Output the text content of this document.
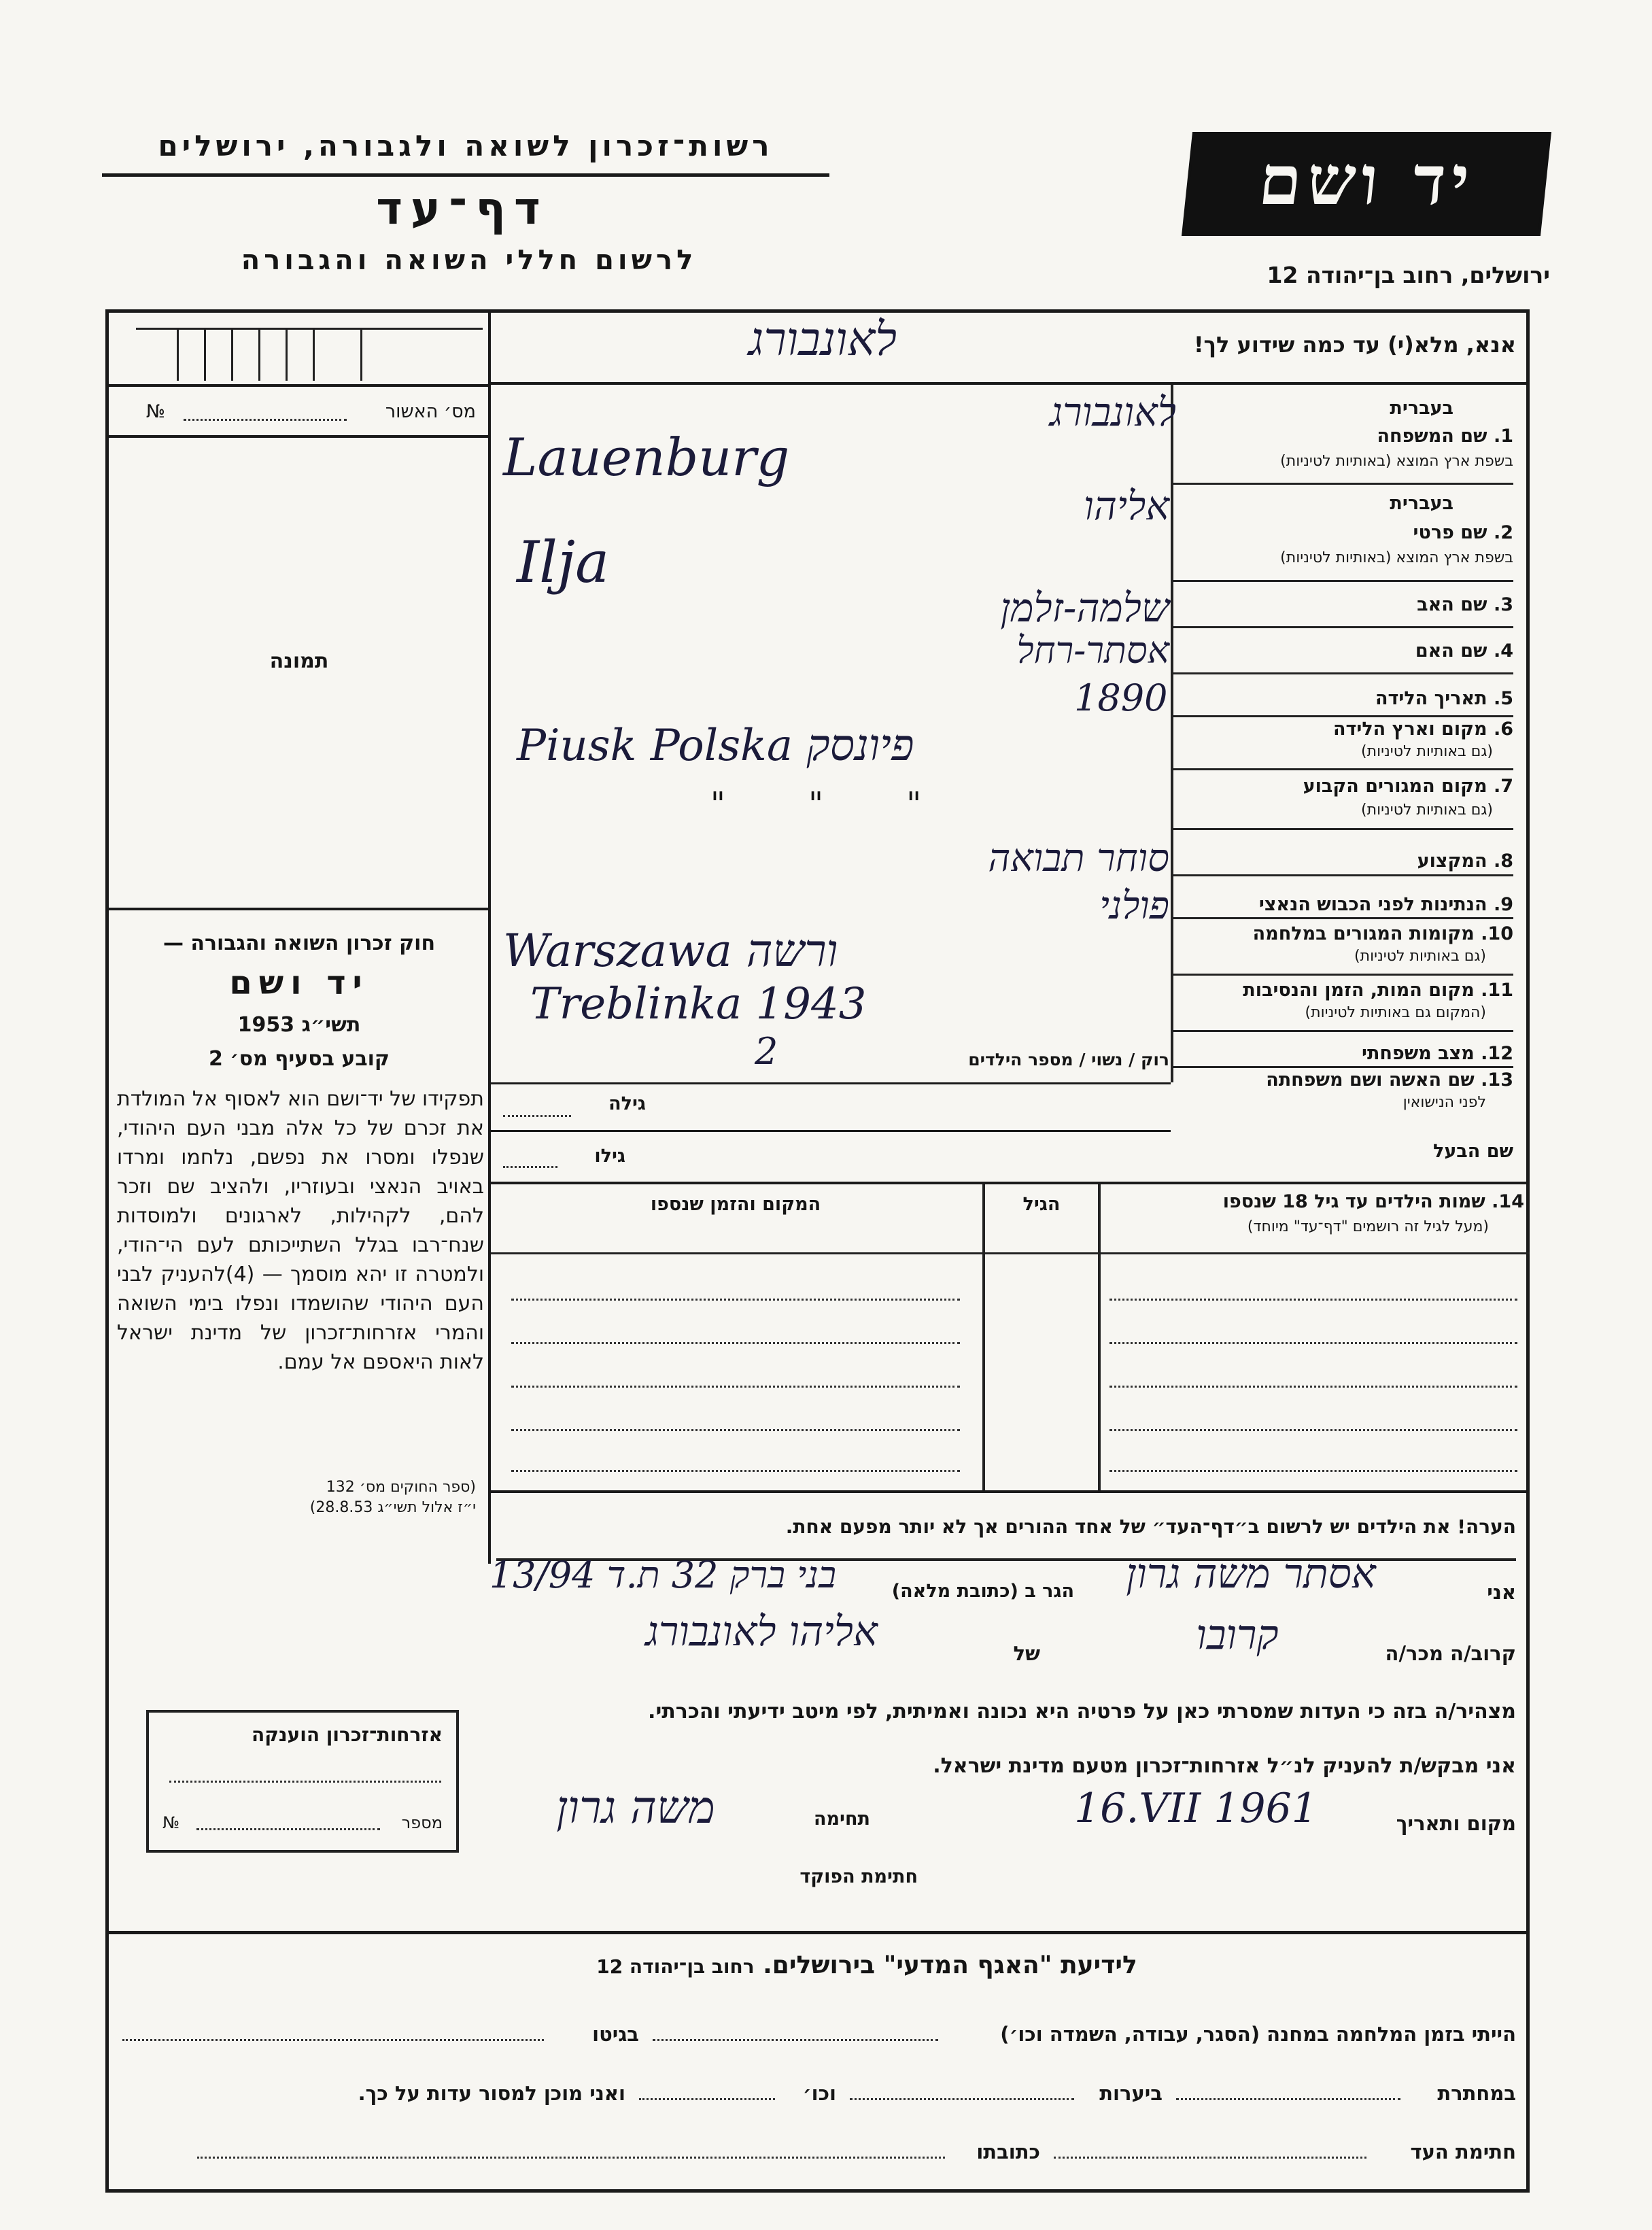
רשות־זכרון לשואה ולגבורה, ירושלים
דף־עד
לרשום חללי השואה והגבורה
יד ושם
ירושלים, רחוב בן־יהודה 12
אנא, מלא(י) עד כמה שידוע לך!
לאונבורג
מס׳ האשור
№
תמונה
בעברית
1. שם המשפחה
בשפת ארץ המוצא (באותיות לטיניות)
בעברית
2. שם פרטי
בשפת ארץ המוצא (באותיות לטיניות)
3. שם האב
4. שם האם
5. תאריך הלידה
6. מקום וארץ הלידה
(גם באותיות לטיניות)
7. מקום המגורים הקבוע
(גם באותיות לטיניות)
8. המקצוע
9. הנתינות לפני הכבוש הנאצי
10. מקומות המגורים במלחמה
(גם באותיות לטיניות)
11. מקום המות, הזמן והנסיבות
(המקום גם באותיות לטיניות)
12. מצב משפחתי
13. שם האשה ושם משפחתה
לפני הנישואין
שם הבעל
לאונבורג
Lauenburg
אליהו
Ilja
שלמה-זלמן
אסתר-רחל
1890
Piusk Polska פיונסק
"        "        "
סוחר תבואה
פולני
Warszawa ורשה
Treblinka 1943
רוק / נשוי / מספר הילדים
2
גילה
גילו
14. שמות הילדים עד גיל 18 שנספו
(מעל לגיל זה רושמים "דף־עד" מיוחד)
הגיל
המקום והזמן שנספו
חוק זכרון השואה והגבורה —
יד ושם
תשי״ג 1953
קובע בסעיף מס׳ 2
תפקידו של יד־ושם הוא לאסוף אל המולדת את זכרם של כל אלה מבני העם היהודי, שנפלו ומסרו את נפשם, נלחמו ומרדו באויב הנאצי ובעוזריו, ולהציב שם וזכר להם, לקהילות, לארגונים ולמוסדות שנח־רבו בגלל השתייכותם לעם הי־הודי, ולמטרה זו יהא מוסמך — (4)להעניק לבני העם היהודי שהושמדו ונפלו בימי השואה והמרי אזרחות־זכרון של מדינת ישראל לאות היאספם אל עמם.
(ספר החוקים מס׳ 132
י״ז אלול תשי״ג 28.8.53)
הערה! את הילדים יש לרשום ב״דף־העד״ של אחד ההורים אך לא יותר מפעם אחת.
אני
אסתר משה גרון
הגר ב (כתובת מלאה)
בני ברק 32 ת.ד 13/94
קרוב/ה מכר/ה
קרובו
של
אליהו לאונבורג
מצהיר/ה בזה כי העדות שמסרתי כאן על פרטיה היא נכונה ואמיתית, לפי מיטב ידיעתי והכרתי.
אני מבקש/ת להעניק לנ״ל אזרחות־זכרון מטעם מדינת ישראל.
מקום ותאריך
16.VII 1961
תחימה
משה גרון
חתימת הפוקד
אזרחות־זכרון הוענקה
מספר
№
לידיעת "האגף המדעי" בירושלים. רחוב בן־יהודה 12
הייתי בזמן המלחמה במחנה (הסגר, עבודה, השמדה וכו׳)
בגיטו
במחתרת
ביערות
וכו׳
ואני מוכן למסור עדות על כך.
חתימת העד
כתובתו
